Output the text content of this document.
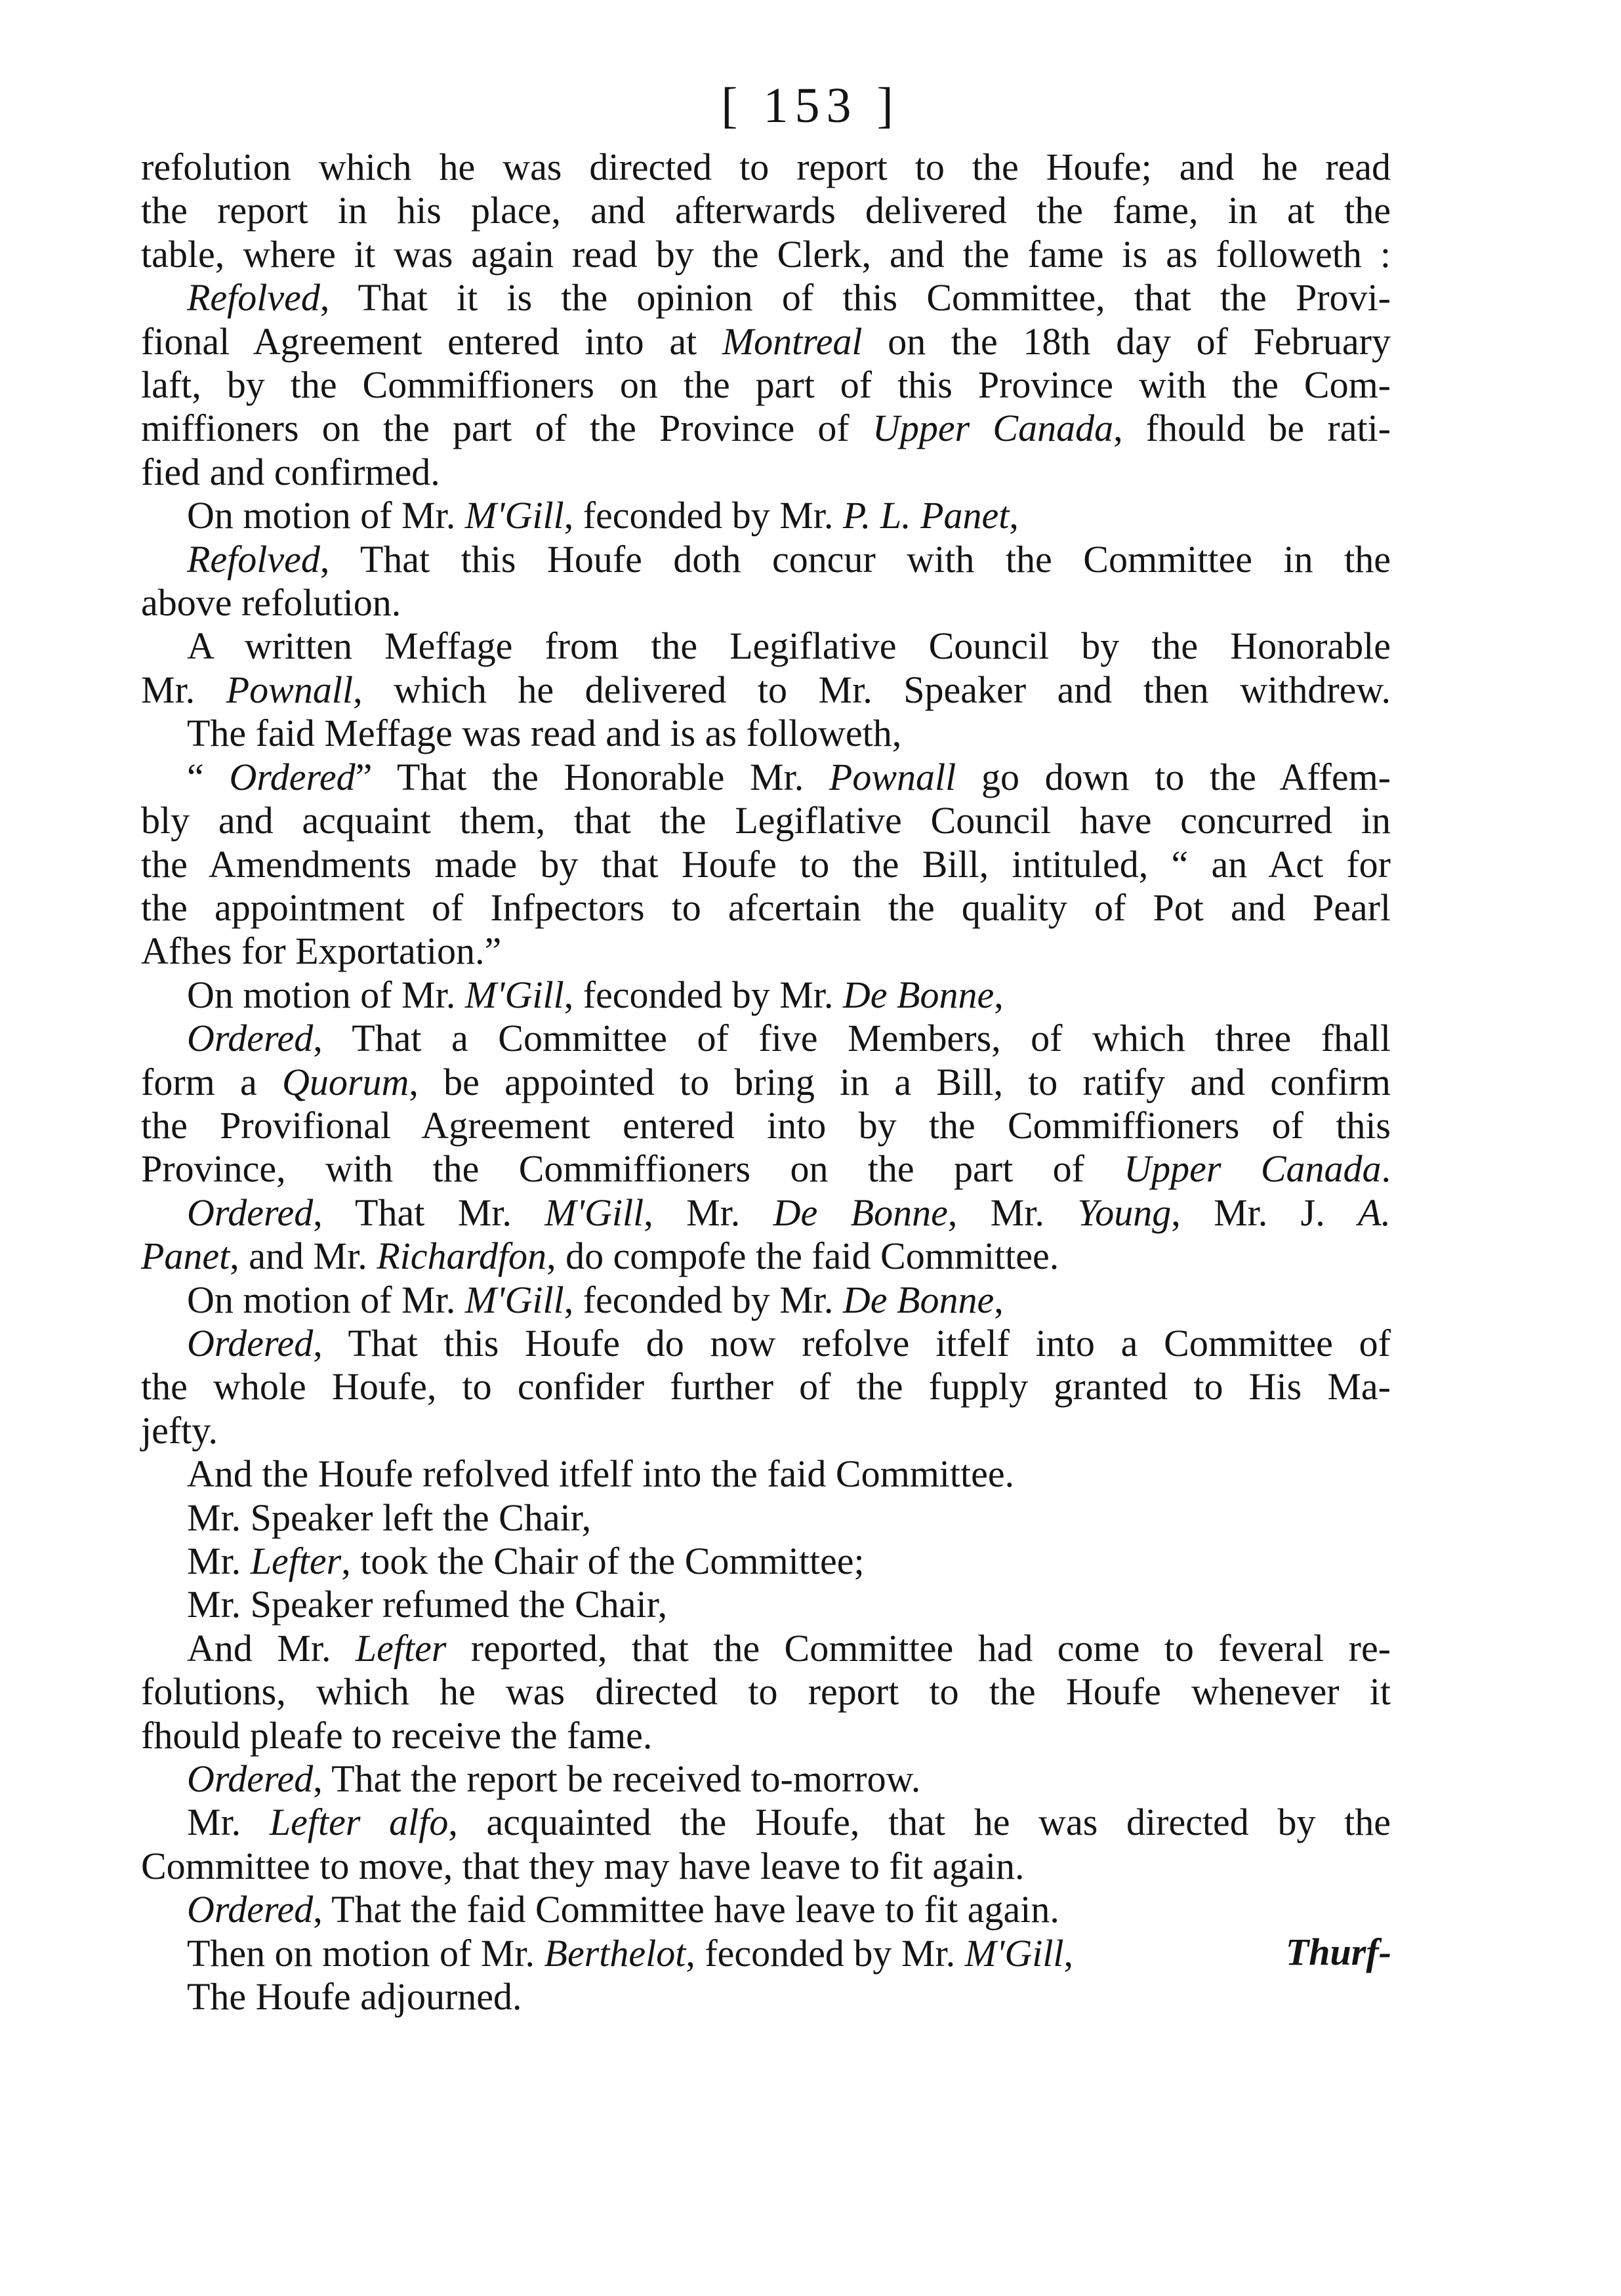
[ 153 ]
refolution which he was directed to report to the Houfe; and he read
the report in his place, and afterwards delivered the fame, in at the
table, where it was again read by the Clerk, and the fame is as followeth :
Refolved, That it is the opinion of this Committee, that the Provi-
fional Agreement entered into at Montreal on the 18th day of February
laft, by the Commiffioners on the part of this Province with the Com-
miffioners on the part of the Province of Upper Canada, fhould be rati-
fied and confirmed.
On motion of Mr. M'Gill, feconded by Mr. P. L. Panet,
Refolved, That this Houfe doth concur with the Committee in the
above refolution.
A written Meffage from the Legiflative Council by the Honorable
Mr. Pownall, which he delivered to Mr. Speaker and then withdrew.
The faid Meffage was read and is as followeth,
“ Ordered” That the Honorable Mr. Pownall go down to the Affem-
bly and acquaint them, that the Legiflative Council have concurred in
the Amendments made by that Houfe to the Bill, intituled, “ an Act for
the appointment of Infpectors to afcertain the quality of Pot and Pearl
Afhes for Exportation.”
On motion of Mr. M'Gill, feconded by Mr. De Bonne,
Ordered, That a Committee of five Members, of which three fhall
form a Quorum, be appointed to bring in a Bill, to ratify and confirm
the Provifional Agreement entered into by the Commiffioners of this
Province, with the Commiffioners on the part of Upper Canada.
Ordered, That Mr. M'Gill, Mr. De Bonne, Mr. Young, Mr. J. A.
Panet, and Mr. Richardfon, do compofe the faid Committee.
On motion of Mr. M'Gill, feconded by Mr. De Bonne,
Ordered, That this Houfe do now refolve itfelf into a Committee of
the whole Houfe, to confider further of the fupply granted to His Ma-
jefty.
And the Houfe refolved itfelf into the faid Committee.
Mr. Speaker left the Chair,
Mr. Lefter, took the Chair of the Committee;
Mr. Speaker refumed the Chair,
And Mr. Lefter reported, that the Committee had come to feveral re-
folutions, which he was directed to report to the Houfe whenever it
fhould pleafe to receive the fame.
Ordered, That the report be received to-morrow.
Mr. Lefter alfo, acquainted the Houfe, that he was directed by the
Committee to move, that they may have leave to fit again.
Ordered, That the faid Committee have leave to fit again.
Then on motion of Mr. Berthelot, feconded by Mr. M'Gill,
The Houfe adjourned.
Thurf-
